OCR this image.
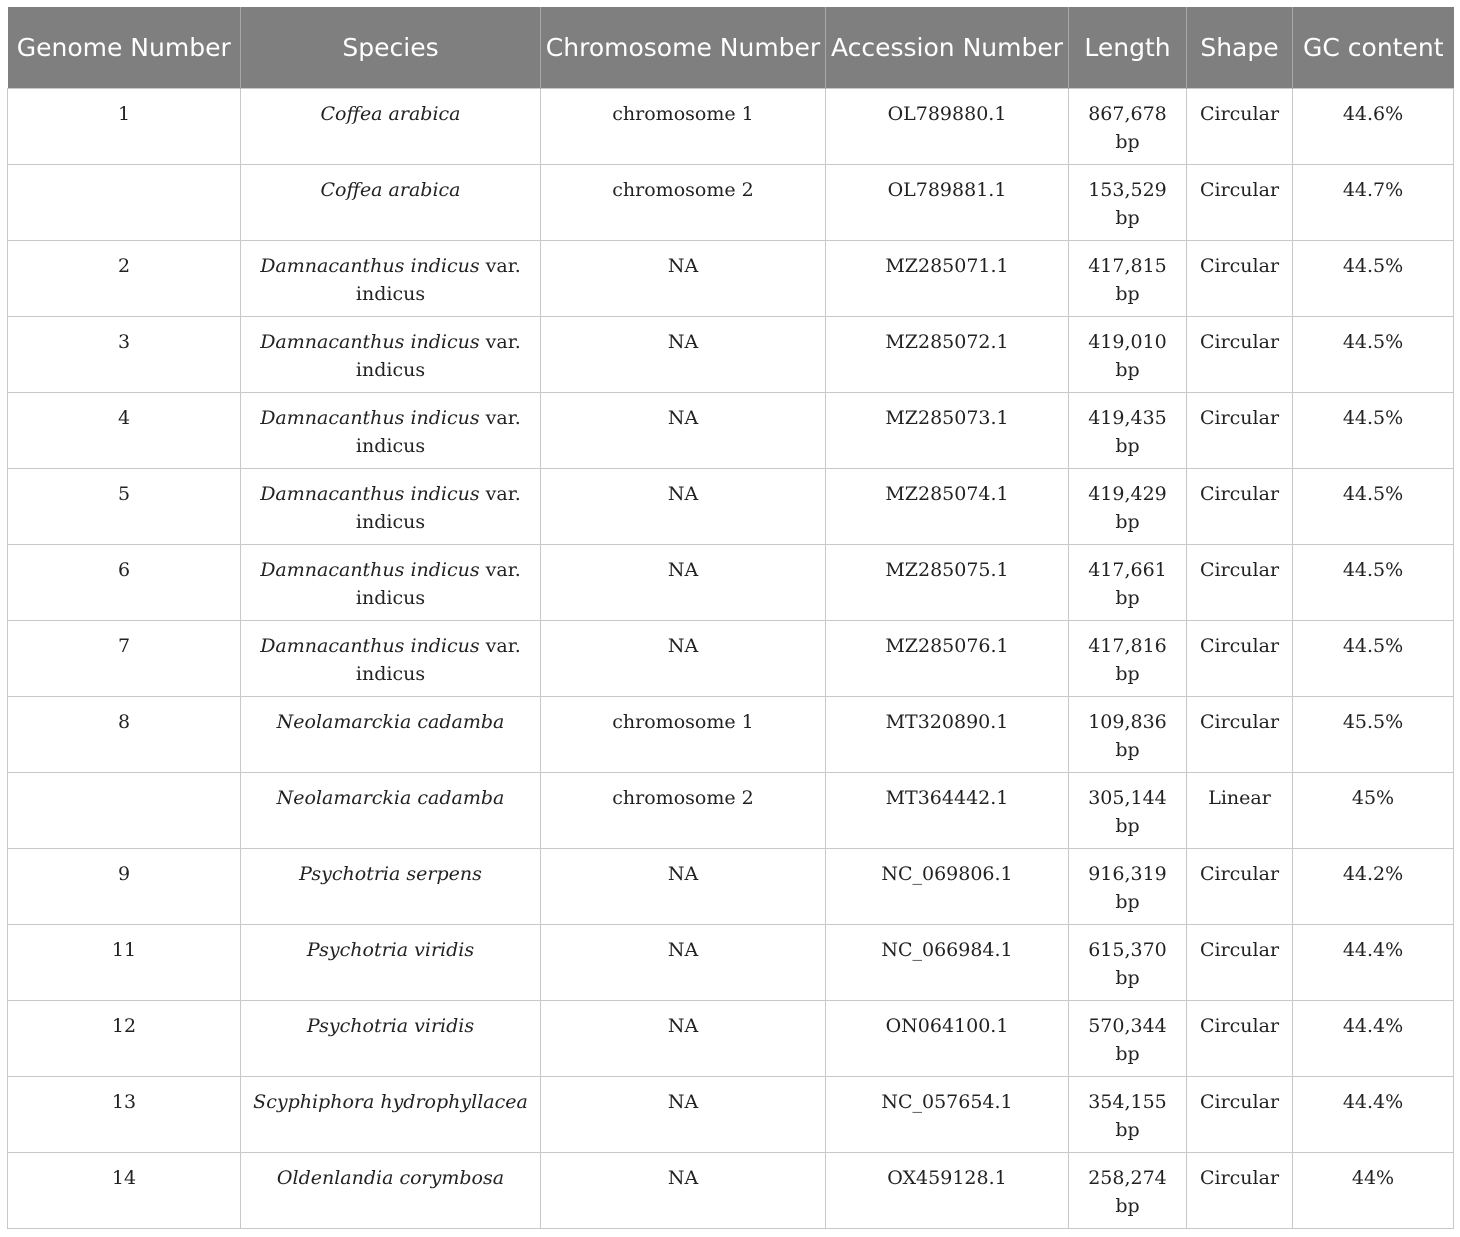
Genome Number	Species	Chromosome Number	Accession Number	Length	Shape	GC content
1	Coffea arabica	chromosome 1	OL789880.1	867,678 bp	Circular	44.6%
	Coffea arabica	chromosome 2	OL789881.1	153,529 bp	Circular	44.7%
2	Damnacanthus indicus var. indicus	NA	MZ285071.1	417,815 bp	Circular	44.5%
3	Damnacanthus indicus var. indicus	NA	MZ285072.1	419,010 bp	Circular	44.5%
4	Damnacanthus indicus var. indicus	NA	MZ285073.1	419,435 bp	Circular	44.5%
5	Damnacanthus indicus var. indicus	NA	MZ285074.1	419,429 bp	Circular	44.5%
6	Damnacanthus indicus var. indicus	NA	MZ285075.1	417,661 bp	Circular	44.5%
7	Damnacanthus indicus var. indicus	NA	MZ285076.1	417,816 bp	Circular	44.5%
8	Neolamarckia cadamba	chromosome 1	MT320890.1	109,836 bp	Circular	45.5%
	Neolamarckia cadamba	chromosome 2	MT364442.1	305,144 bp	Linear	45%
9	Psychotria serpens	NA	NC_069806.1	916,319 bp	Circular	44.2%
11	Psychotria viridis	NA	NC_066984.1	615,370 bp	Circular	44.4%
12	Psychotria viridis	NA	ON064100.1	570,344 bp	Circular	44.4%
13	Scyphiphora hydrophyllacea	NA	NC_057654.1	354,155 bp	Circular	44.4%
14	Oldenlandia corymbosa	NA	OX459128.1	258,274 bp	Circular	44%
